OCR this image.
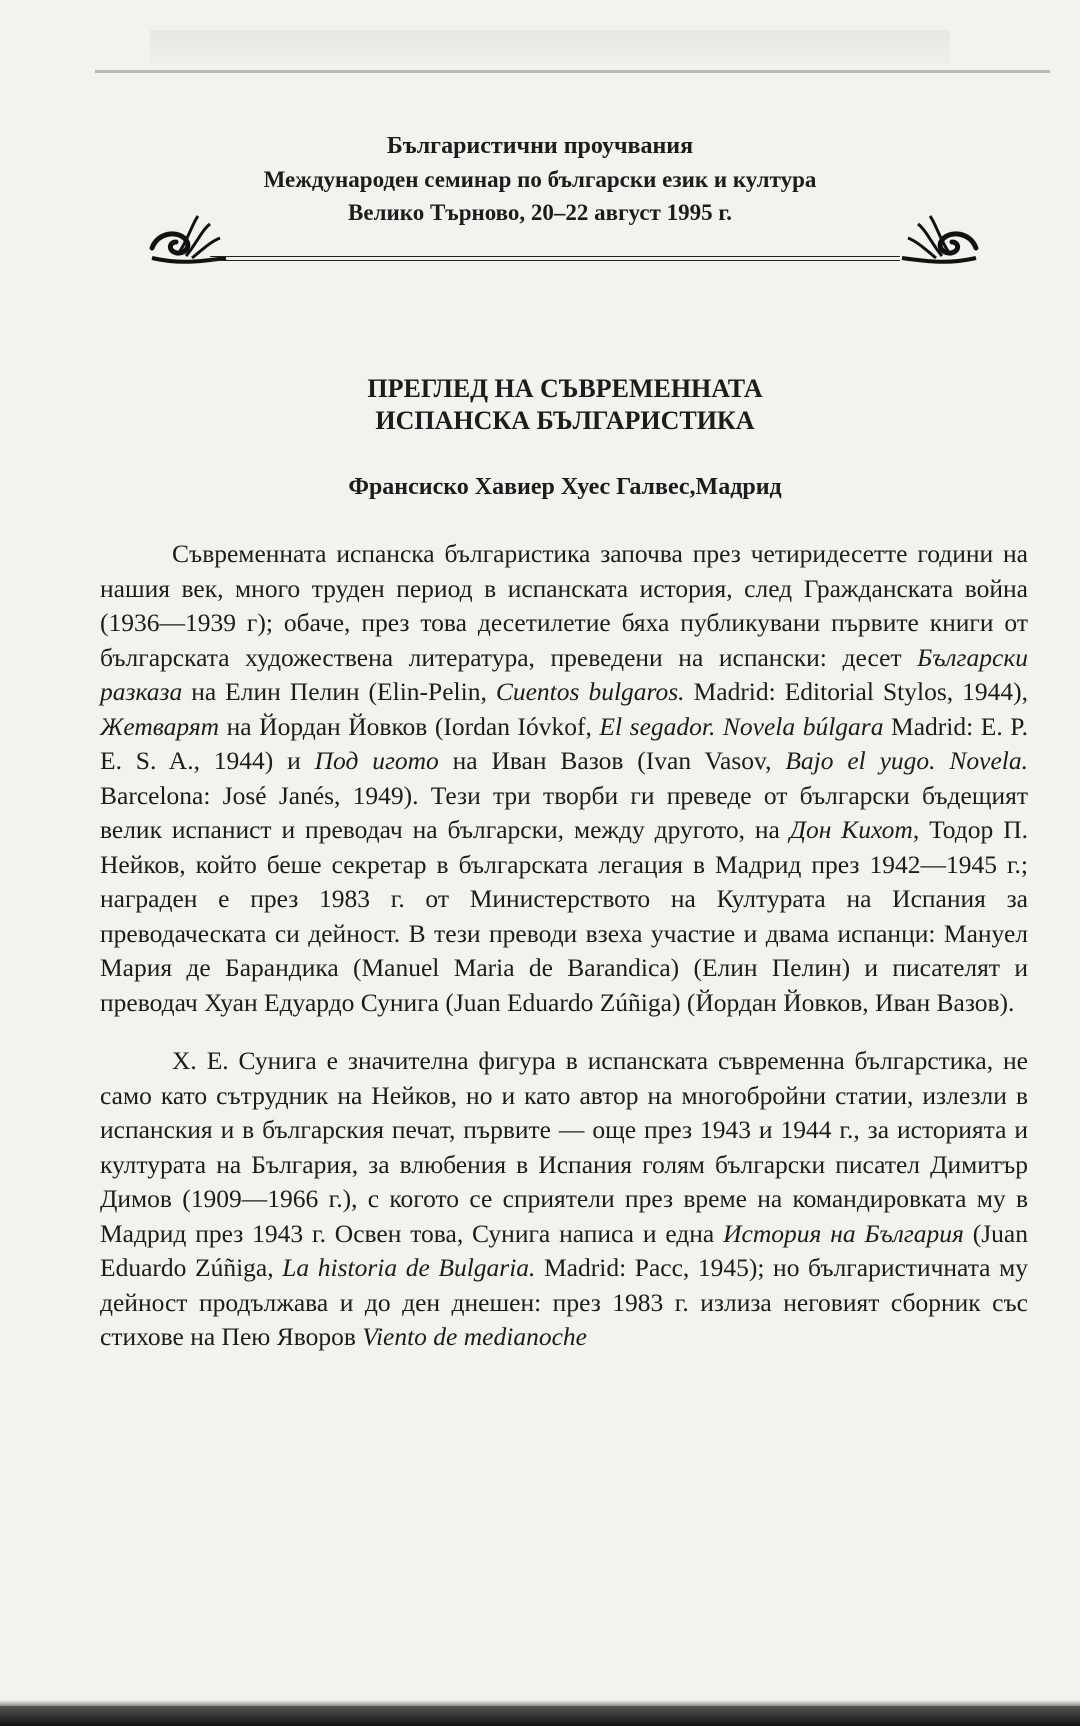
Българистични проучвания
Международен семинар по български език и култура
Велико Търново, 20–22 август 1995 г.
ПРЕГЛЕД НА СЪВРЕМЕННАТА
ИСПАНСКА БЪЛГАРИСТИКА
Франсиско Хавиер Хуес Галвес,Мадрид

Съвременната испанска българистика започва през четиридесетте години на нашия век, много труден период в испанската история, след Гражданската война (1936—1939 г); обаче, през това десетилетие бяха публикувани първите книги от българската художествена литература, преведени на испански: десет Български разказа на Елин Пелин (Elin-Pelin, Cuentos bulgaros. Madrid: Editorial Stylos, 1944), Жетварят на Йордан Йовков (Iordan Ióvkof, El segador. Novela búlgara Madrid: E. P. E. S. A., 1944) и Под игото на Иван Вазов (Ivan Vasov, Bajo el yugo. Novela. Barcelona: José Janés, 1949). Тези три творби ги преведе от български бъдещият велик испанист и преводач на български, между другото, на Дон Кихот, Тодор П. Нейков, който беше секретар в българската легация в Мадрид през 1942—1945 г.; награден е през 1983 г. от Министерството на Културата на Испания за преводаческата си дейност. В тези преводи взеха участие и двама испанци: Мануел Мария де Барандика (Manuel Maria de Barandica) (Елин Пелин) и писателят и преводач Хуан Едуардо Сунига (Juan Eduardo Zúñiga) (Йордан Йовков, Иван Вазов).

Х. Е. Сунига е значителна фигура в испанската съвременна българстика, не само като сътрудник на Нейков, но и като автор на многобройни статии, излезли в испанския и в българския печат, първите — още през 1943 и 1944 г., за историята и културата на България, за влюбения в Испания голям български писател Димитър Димов (1909—1966 г.), с когото се сприятели през време на командировката му в Мадрид през 1943 г. Освен това, Сунига написа и една История на България (Juan Eduardo Zúñiga, La historia de Bulgaria. Madrid: Pacc, 1945); но българистичната му дейност продължава и до ден днешен: през 1983 г. излиза неговият сборник със стихове на Пею Яворов Viento de medianoche
